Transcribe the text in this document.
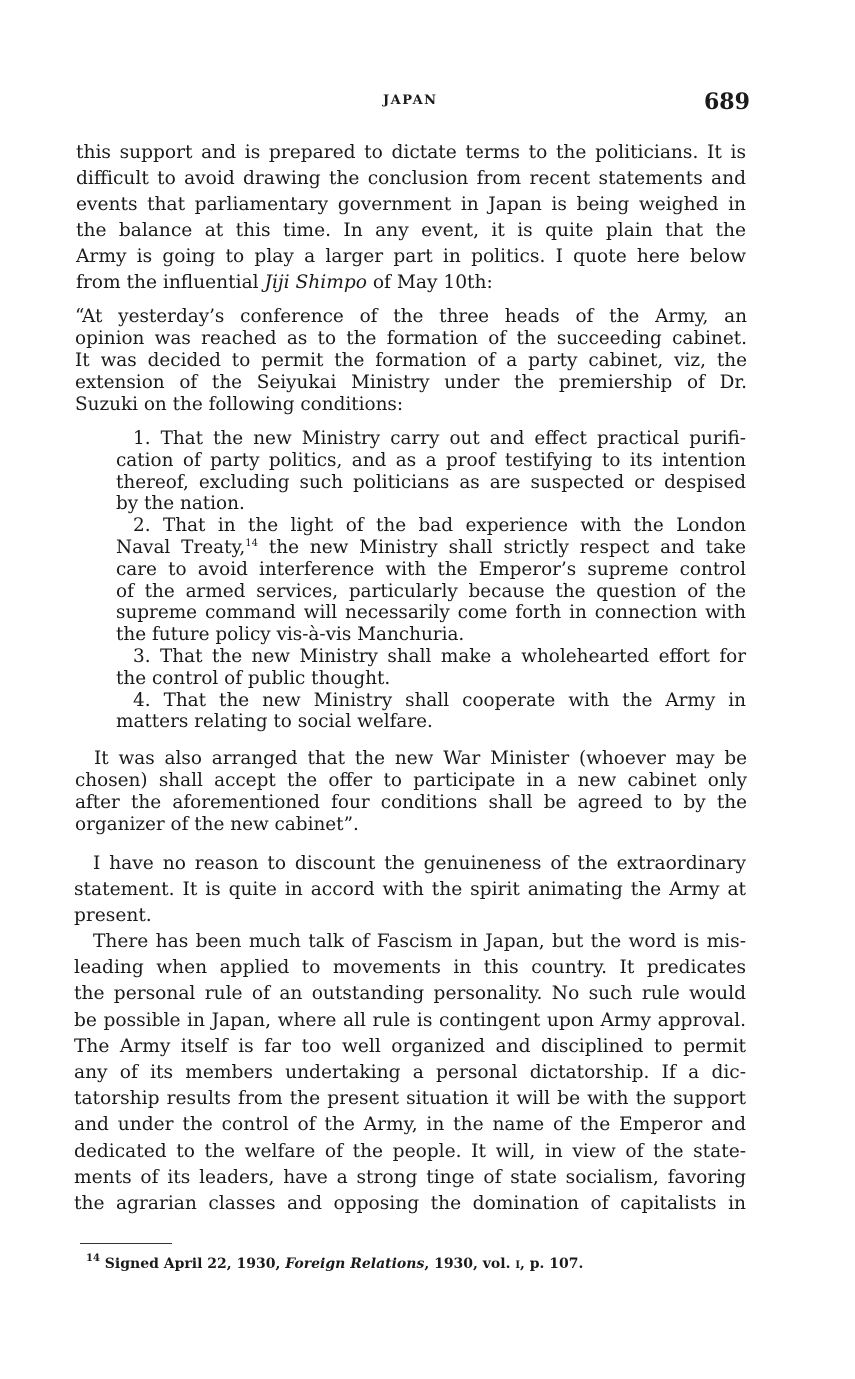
JAPAN	689
this support and is prepared to dictate terms to the politicians. It is
difficult to avoid drawing the conclusion from recent statements and
events that parliamentary government in Japan is being weighed in
the balance at this time. In any event, it is quite plain that the
Army is going to play a larger part in politics. I quote here below
from the influential Jiji Shimpo of May 10th:
“At yesterday’s conference of the three heads of the Army, an
opinion was reached as to the formation of the succeeding cabinet.
It was decided to permit the formation of a party cabinet, viz, the
extension of the Seiyukai Ministry under the premiership of Dr.
Suzuki on the following conditions:
1. That the new Ministry carry out and effect practical purifi-
cation of party politics, and as a proof testifying to its intention
thereof, excluding such politicians as are suspected or despised
by the nation.
2. That in the light of the bad experience with the London
Naval Treaty,$^{14}$ the new Ministry shall strictly respect and take
care to avoid interference with the Emperor’s supreme control
of the armed services, particularly because the question of the
supreme command will necessarily come forth in connection with
the future policy vis-à-vis Manchuria.
3. That the new Ministry shall make a wholehearted effort for
the control of public thought.
4. That the new Ministry shall cooperate with the Army in
matters relating to social welfare.
It was also arranged that the new War Minister (whoever may be
chosen) shall accept the offer to participate in a new cabinet only
after the aforementioned four conditions shall be agreed to by the
organizer of the new cabinet”.
I have no reason to discount the genuineness of the extraordinary
statement. It is quite in accord with the spirit animating the Army at
present.
There has been much talk of Fascism in Japan, but the word is mis-
leading when applied to movements in this country. It predicates
the personal rule of an outstanding personality. No such rule would
be possible in Japan, where all rule is contingent upon Army approval.
The Army itself is far too well organized and disciplined to permit
any of its members undertaking a personal dictatorship. If a dic-
tatorship results from the present situation it will be with the support
and under the control of the Army, in the name of the Emperor and
dedicated to the welfare of the people. It will, in view of the state-
ments of its leaders, have a strong tinge of state socialism, favoring
the agrarian classes and opposing the domination of capitalists in
$^{14}$ Signed April 22, 1930, Foreign Relations, 1930, vol. i, p. 107.
